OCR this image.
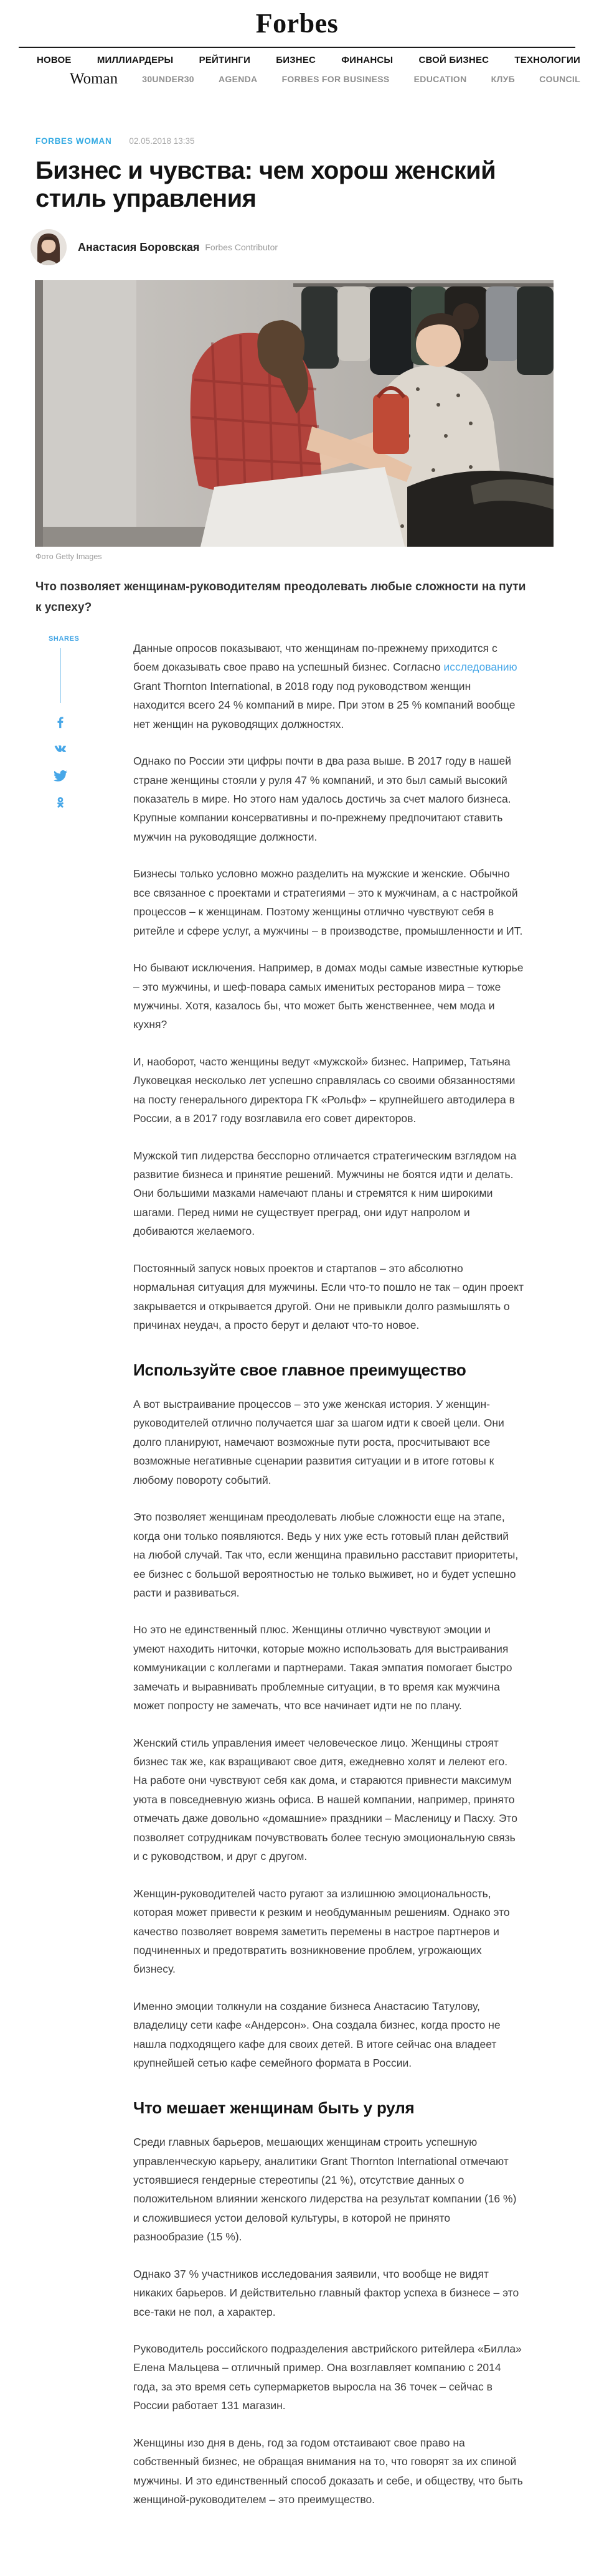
Forbes
НОВОЕ	МИЛЛИАРДЕРЫ	РЕЙТИНГИ	БИЗНЕС	ФИНАНСЫ	СВОЙ БИЗНЕС	ТЕХНОЛОГИИ
Woman	30UNDER30	AGENDA	FORBES FOR BUSINESS	EDUCATION	КЛУБ	COUNCIL
FORBES WOMAN 02.05.2018 13:35
Бизнес и чувства: чем хорош женский стиль управления
Анастасия Боровская Forbes Contributor
Фото Getty Images

Что позволяет женщинам-руководителям преодолевать любые сложности на пути к успеху?

SHARES

Данные опросов показывают, что женщинам по-прежнему приходится с боем доказывать свое право на успешный бизнес. Согласно исследованию Grant Thornton International, в 2018 году под руководством женщин находится всего 24 % компаний в мире. При этом в 25 % компаний вообще нет женщин на руководящих должностях.

Однако по России эти цифры почти в два раза выше. В 2017 году в нашей стране женщины стояли у руля 47 % компаний, и это был самый высокий показатель в мире. Но этого нам удалось достичь за счет малого бизнеса. Крупные компании консервативны и по-прежнему предпочитают ставить мужчин на руководящие должности.

Бизнесы только условно можно разделить на мужские и женские. Обычно все связанное с проектами и стратегиями – это к мужчинам, а с настройкой процессов – к женщинам. Поэтому женщины отлично чувствуют себя в ритейле и сфере услуг, а мужчины – в производстве, промышленности и ИТ.

Но бывают исключения. Например, в домах моды самые известные кутюрье – это мужчины, и шеф-повара самых именитых ресторанов мира – тоже мужчины. Хотя, казалось бы, что может быть женственнее, чем мода и кухня?

И, наоборот, часто женщины ведут «мужской» бизнес. Например, Татьяна Луковецкая несколько лет успешно справлялась со своими обязанностями на посту генерального директора ГК «Рольф» – крупнейшего автодилера в России, а в 2017 году возглавила его совет директоров.

Мужской тип лидерства бесспорно отличается стратегическим взглядом на развитие бизнеса и принятие решений. Мужчины не боятся идти и делать. Они большими мазками намечают планы и стремятся к ним широкими шагами. Перед ними не существует преград, они идут напролом и добиваются желаемого.

Постоянный запуск новых проектов и стартапов – это абсолютно нормальная ситуация для мужчины. Если что-то пошло не так – один проект закрывается и открывается другой. Они не привыкли долго размышлять о причинах неудач, а просто берут и делают что-то новое.

Используйте свое главное преимущество

А вот выстраивание процессов – это уже женская история. У женщин-руководителей отлично получается шаг за шагом идти к своей цели. Они долго планируют, намечают возможные пути роста, просчитывают все возможные негативные сценарии развития ситуации и в итоге готовы к любому повороту событий.

Это позволяет женщинам преодолевать любые сложности еще на этапе, когда они только появляются. Ведь у них уже есть готовый план действий на любой случай. Так что, если женщина правильно расставит приоритеты, ее бизнес с большой вероятностью не только выживет, но и будет успешно расти и развиваться.

Но это не единственный плюс. Женщины отлично чувствуют эмоции и умеют находить ниточки, которые можно использовать для выстраивания коммуникации с коллегами и партнерами. Такая эмпатия помогает быстро замечать и выравнивать проблемные ситуации, в то время как мужчина может попросту не замечать, что все начинает идти не по плану.

Женский стиль управления имеет человеческое лицо. Женщины строят бизнес так же, как взращивают свое дитя, ежедневно холят и лелеют его. На работе они чувствуют себя как дома, и стараются привнести максимум уюта в повседневную жизнь офиса. В нашей компании, например, принято отмечать даже довольно «домашние» праздники – Масленицу и Пасху. Это позволяет сотрудникам почувствовать более тесную эмоциональную связь и с руководством, и друг с другом.

Женщин-руководителей часто ругают за излишнюю эмоциональность, которая может привести к резким и необдуманным решениям. Однако это качество позволяет вовремя заметить перемены в настрое партнеров и подчиненных и предотвратить возникновение проблем, угрожающих бизнесу.

Именно эмоции толкнули на создание бизнеса Анастасию Татулову, владелицу сети кафе «Андерсон». Она создала бизнес, когда просто не нашла подходящего кафе для своих детей. В итоге сейчас она владеет крупнейшей сетью кафе семейного формата в России.

Что мешает женщинам быть у руля

Среди главных барьеров, мешающих женщинам строить успешную управленческую карьеру, аналитики Grant Thornton International отмечают устоявшиеся гендерные стереотипы (21 %), отсутствие данных о положительном влиянии женского лидерства на результат компании (16 %) и сложившиеся устои деловой культуры, в которой не принято разнообразие (15 %).

Однако 37 % участников исследования заявили, что вообще не видят никаких барьеров. И действительно главный фактор успеха в бизнесе – это все-таки не пол, а характер.

Руководитель российского подразделения австрийского ритейлера «Билла» Елена Мальцева – отличный пример. Она возглавляет компанию с 2014 года, за это время сеть супермаркетов выросла на 36 точек – сейчас в России работает 131 магазин.

Женщины изо дня в день, год за годом отстаивают свое право на собственный бизнес, не обращая внимания на то, что говорят за их спиной мужчины. И это единственный способ доказать и себе, и обществу, что быть женщиной-руководителем – это преимущество.
